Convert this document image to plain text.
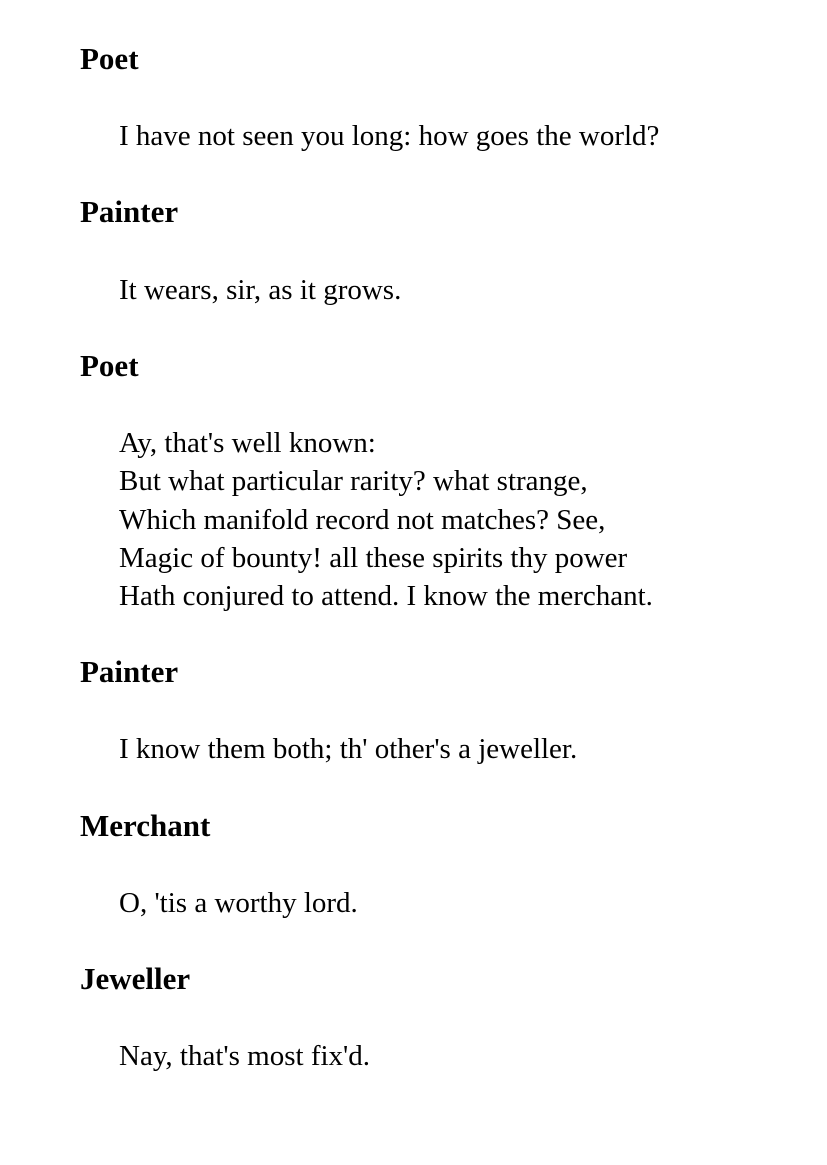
Poet
I have not seen you long: how goes the world?
Painter
It wears, sir, as it grows.
Poet
Ay, that's well known:
But what particular rarity? what strange,
Which manifold record not matches? See,
Magic of bounty! all these spirits thy power
Hath conjured to attend. I know the merchant.
Painter
I know them both; th' other's a jeweller.
Merchant
O, 'tis a worthy lord.
Jeweller
Nay, that's most fix'd.
